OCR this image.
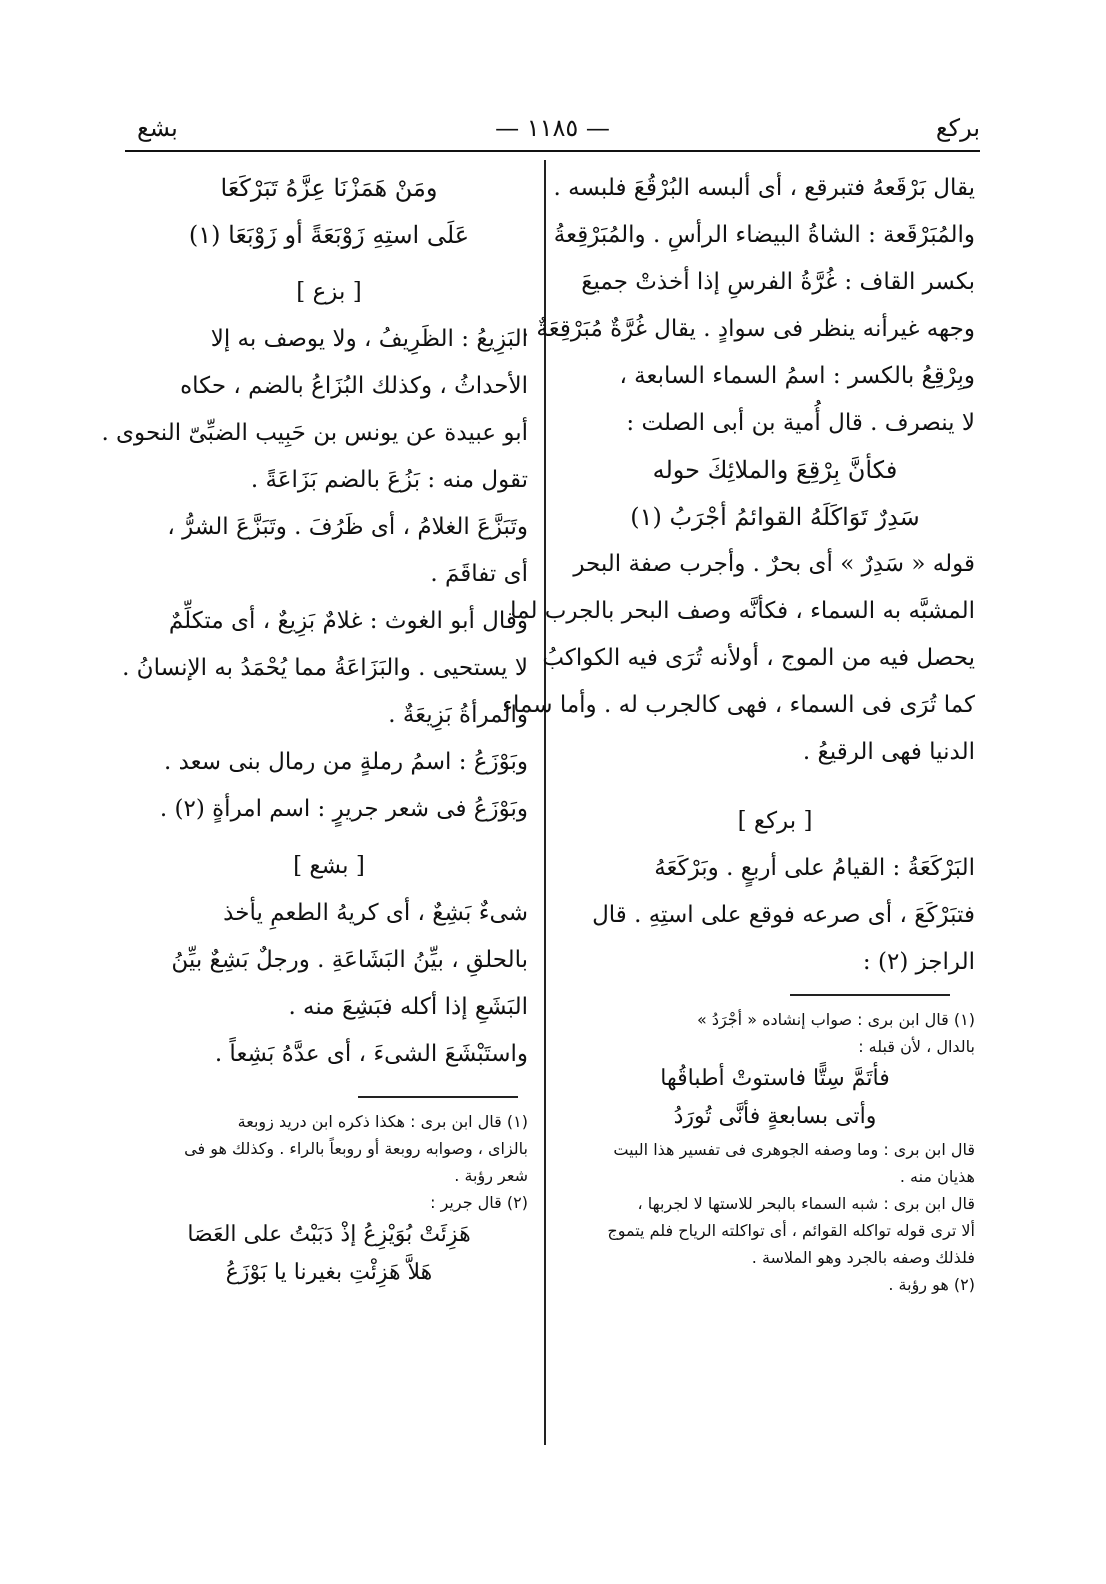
بركع
— ١١٨٥ —
بشع
يقال بَرْقَعهُ فتبرقع ، أى ألبسه البُرْقُعَ فلبسه .
والمُبَرْقَعة : الشاةُ البيضاء الرأسِ . والمُبَرْقِعةُ
بكسر القاف : غُرَّةُ الفرسِ إذا أخذتْ جميعَ
وجهه غيرأنه ينظر فى سوادٍ . يقال غُرَّةٌ مُبَرْقِعَةٌ .
وبِرْقِعُ بالكسر : اسمُ السماء السابعة ،
لا ينصرف . قال أُمية بن أبى الصلت :
فكأنَّ بِرْقِعَ والملائِكَ حوله
سَدِرٌ تَوَاكَلَهُ القوائمُ أجْرَبُ (١)
قوله « سَدِرٌ » أى بحرٌ . وأجرب صفة البحر
المشبَّه به السماء ، فكأنَّه وصف البحر بالجرب لما
يحصل فيه من الموج ، أولأنه تُرَى فيه الكواكبُ
كما تُرَى فى السماء ، فهى كالجرب له . وأما سماء
الدنيا فهى الرقيعُ .
[ بركع ]
البَرْكَعَةُ : القيامُ على أربعٍ . وبَرْكَعَهُ
فتبَرْكَعَ ، أى صرعه فوقع على استِهِ . قال
الراجز (٢) :
(١) قال ابن برى : صواب إنشاده « أجْرَدُ »
بالدال ، لأن قبله :
فأتَمَّ سِتًّا فاستوتْ أطباقُها
وأتى بسابعةٍ فأنَّى تُورَدُ
قال ابن برى : وما وصفه الجوهرى فى تفسير هذا البيت
هذيان منه .
قال ابن برى : شبه السماء بالبحر للاستها لا لجربها ،
ألا ترى قوله تواكله القوائم ، أى تواكلته الرياح فلم يتموج
فلذلك وصفه بالجرد وهو الملاسة .
(٢) هو رؤبة .
ومَنْ هَمَزْنَا عِزَّهُ تَبَرْكَعَا
عَلَى استِهِ زَوْبَعَةً أو زَوْبَعَا (١)
[ بزع ]
البَزِيعُ : الظَرِيفُ ، ولا يوصف به إلا
الأحداثُ ، وكذلك البُزَاعُ بالضم ، حكاه
أبو عبيدة عن يونس بن حَبِيب الضبِّىّ النحوى .
تقول منه : بَزُعَ بالضم بَزَاعَةً .
وتَبَزَّعَ الغلامُ ، أى ظَرُفَ . وتَبَزَّعَ الشرُّ ،
أى تفاقَمَ .
وقال أبو الغوث : غلامٌ بَزِيعٌ ، أى متكلِّمٌ
لا يستحيى . والبَزَاعَةُ مما يُحْمَدُ به الإنسانُ .
والمرأةُ بَزِيعَةٌ .
وبَوْزَعُ : اسمُ رملةٍ من رمال بنى سعد .
وبَوْزَعُ فى شعر جريرٍ : اسم امرأةٍ (٢) .
[ بشع ]
شىءٌ بَشِعٌ ، أى كريهُ الطعمِ يأخذ
بالحلقِ ، بيِّنُ البَشَاعَةِ . ورجلٌ بَشِعٌ بيِّنُ
البَشَعِ إذا أكله فبَشِعَ منه .
واستَبْشَعَ الشىءَ ، أى عدَّهُ بَشِعاً .
(١) قال ابن برى : هكذا ذكره ابن دريد زوبعة
بالزاى ، وصوابه روبعة أو روبعاً بالراء . وكذلك هو فى
شعر رؤبة .
(٢) قال جرير :
هَزِئَتْ بُوَيْزِعُ إذْ دَبَبْتُ على العَصَا
هَلاَّ هَزِئْتِ بغيرنا يا بَوْزَعُ
